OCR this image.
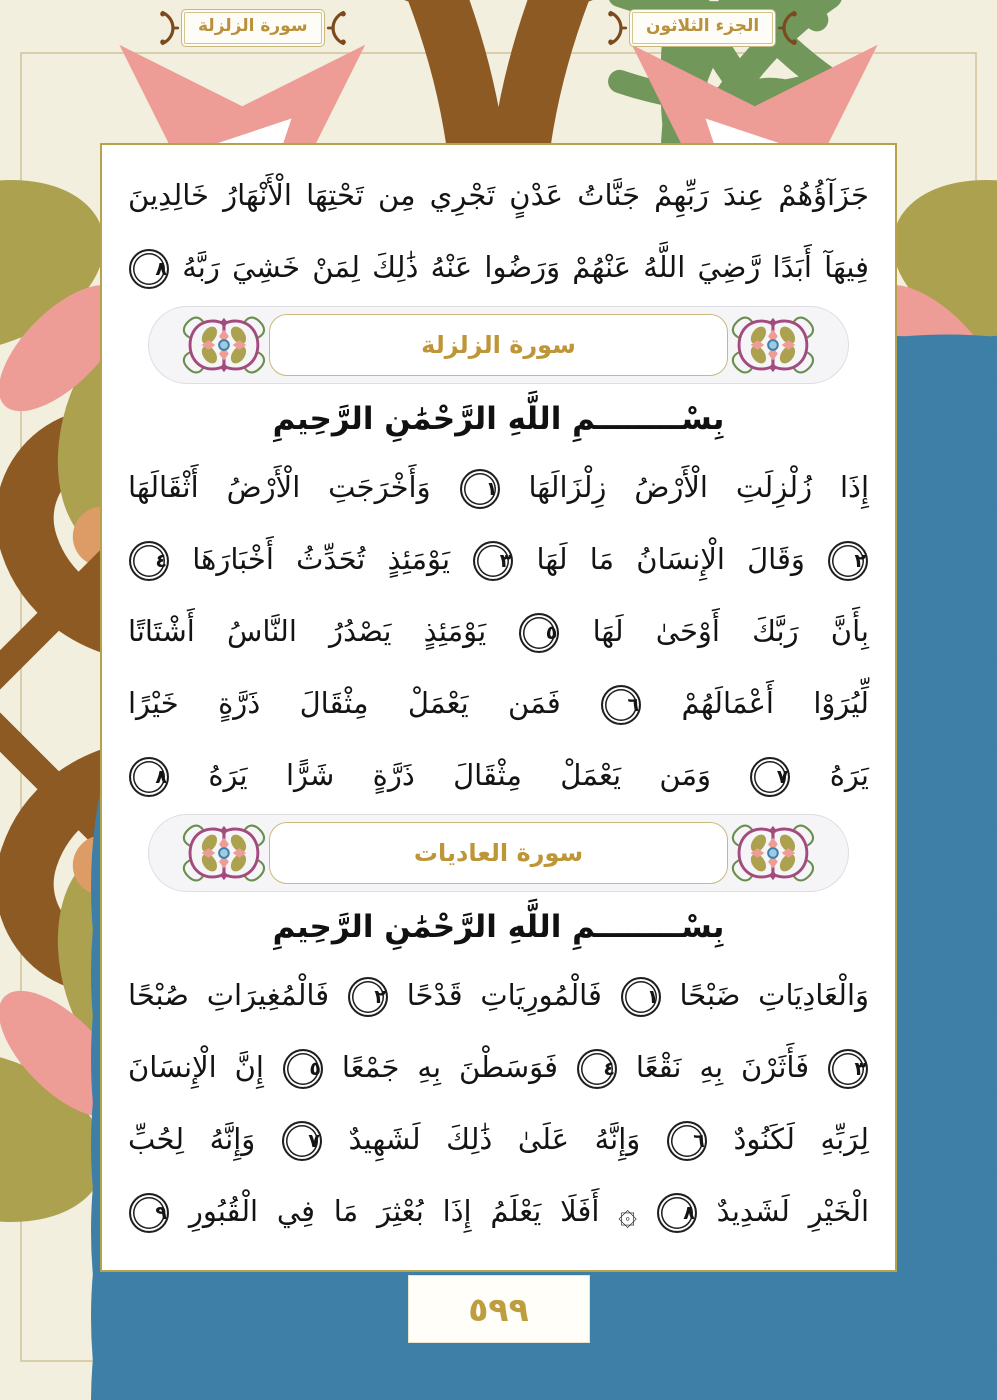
سورة الزلزلة	الجزء الثلاثون
جَزَآؤُهُمْ عِندَ رَبِّهِمْ جَنَّاتُ عَدْنٍ تَجْرِي مِن تَحْتِهَا الْأَنْهَارُ خَالِدِينَ
فِيهَآ أَبَدًا رَّضِيَ اللَّهُ عَنْهُمْ وَرَضُوا عَنْهُ ذَٰلِكَ لِمَنْ خَشِيَ رَبَّهُ ٨
سورة الزلزلة
بِسْــــــــمِ اللَّهِ الرَّحْمَٰنِ الرَّحِيمِ
إِذَا زُلْزِلَتِ الْأَرْضُ زِلْزَالَهَا ١ وَأَخْرَجَتِ الْأَرْضُ أَثْقَالَهَا
٢ وَقَالَ الْإِنسَانُ مَا لَهَا ٣ يَوْمَئِذٍ تُحَدِّثُ أَخْبَارَهَا ٤
بِأَنَّ رَبَّكَ أَوْحَىٰ لَهَا ٥ يَوْمَئِذٍ يَصْدُرُ النَّاسُ أَشْتَاتًا
لِّيُرَوْا أَعْمَالَهُمْ ٦ فَمَن يَعْمَلْ مِثْقَالَ ذَرَّةٍ خَيْرًا
يَرَهُ ٧ وَمَن يَعْمَلْ مِثْقَالَ ذَرَّةٍ شَرًّا يَرَهُ ٨
سورة العاديات
بِسْــــــــمِ اللَّهِ الرَّحْمَٰنِ الرَّحِيمِ
وَالْعَادِيَاتِ ضَبْحًا ١ فَالْمُورِيَاتِ قَدْحًا ٢ فَالْمُغِيرَاتِ صُبْحًا
٣ فَأَثَرْنَ بِهِ نَقْعًا ٤ فَوَسَطْنَ بِهِ جَمْعًا ٥ إِنَّ الْإِنسَانَ
لِرَبِّهِ لَكَنُودٌ ٦ وَإِنَّهُ عَلَىٰ ذَٰلِكَ لَشَهِيدٌ ٧ وَإِنَّهُ لِحُبِّ
الْخَيْرِ لَشَدِيدٌ ٨ ۞ أَفَلَا يَعْلَمُ إِذَا بُعْثِرَ مَا فِي الْقُبُورِ ٩
٥٩٩
